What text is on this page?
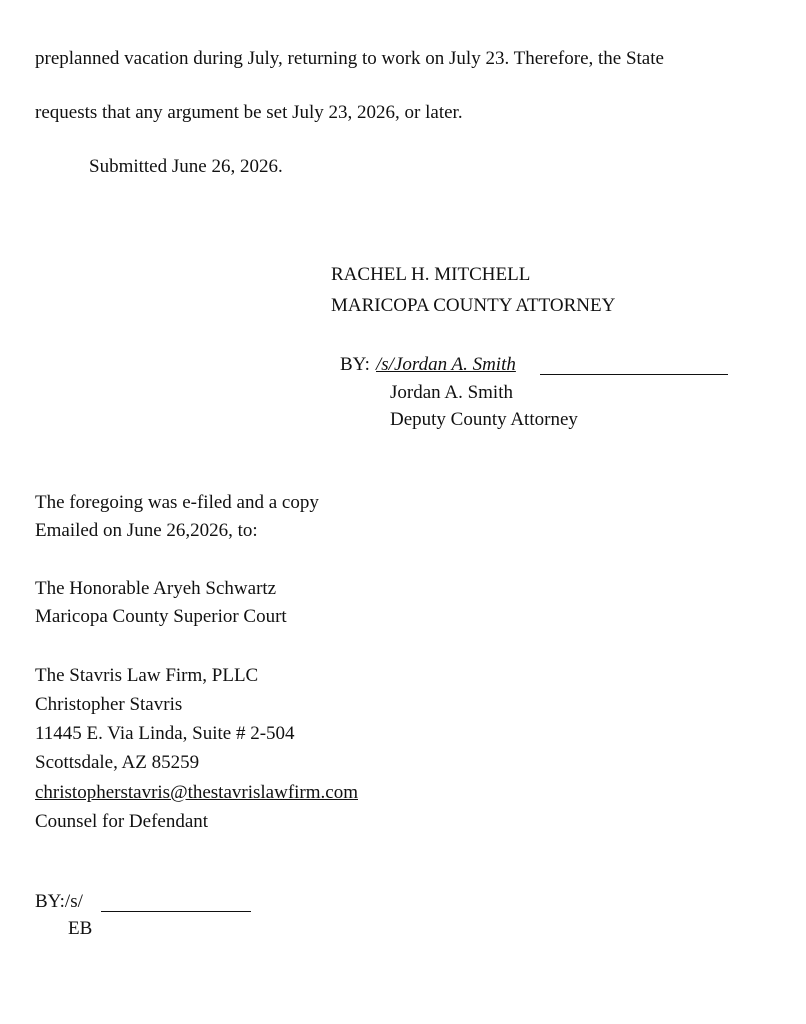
preplanned vacation during July, returning to work on July 23. Therefore, the State
requests that any argument be set July 23, 2026, or later.
Submitted June 26, 2026.
RACHEL H. MITCHELL
MARICOPA COUNTY ATTORNEY
BY: /s/Jordan A. Smith
Jordan A. Smith
Deputy County Attorney
The foregoing was e-filed and a copy
Emailed on June 26,2026, to:
The Honorable Aryeh Schwartz
Maricopa County Superior Court
The Stavris Law Firm, PLLC
Christopher Stavris
11445 E. Via Linda, Suite # 2-504
Scottsdale, AZ 85259
christopherstavris@thestavrislawfirm.com
Counsel for Defendant
BY:/s/
EB
